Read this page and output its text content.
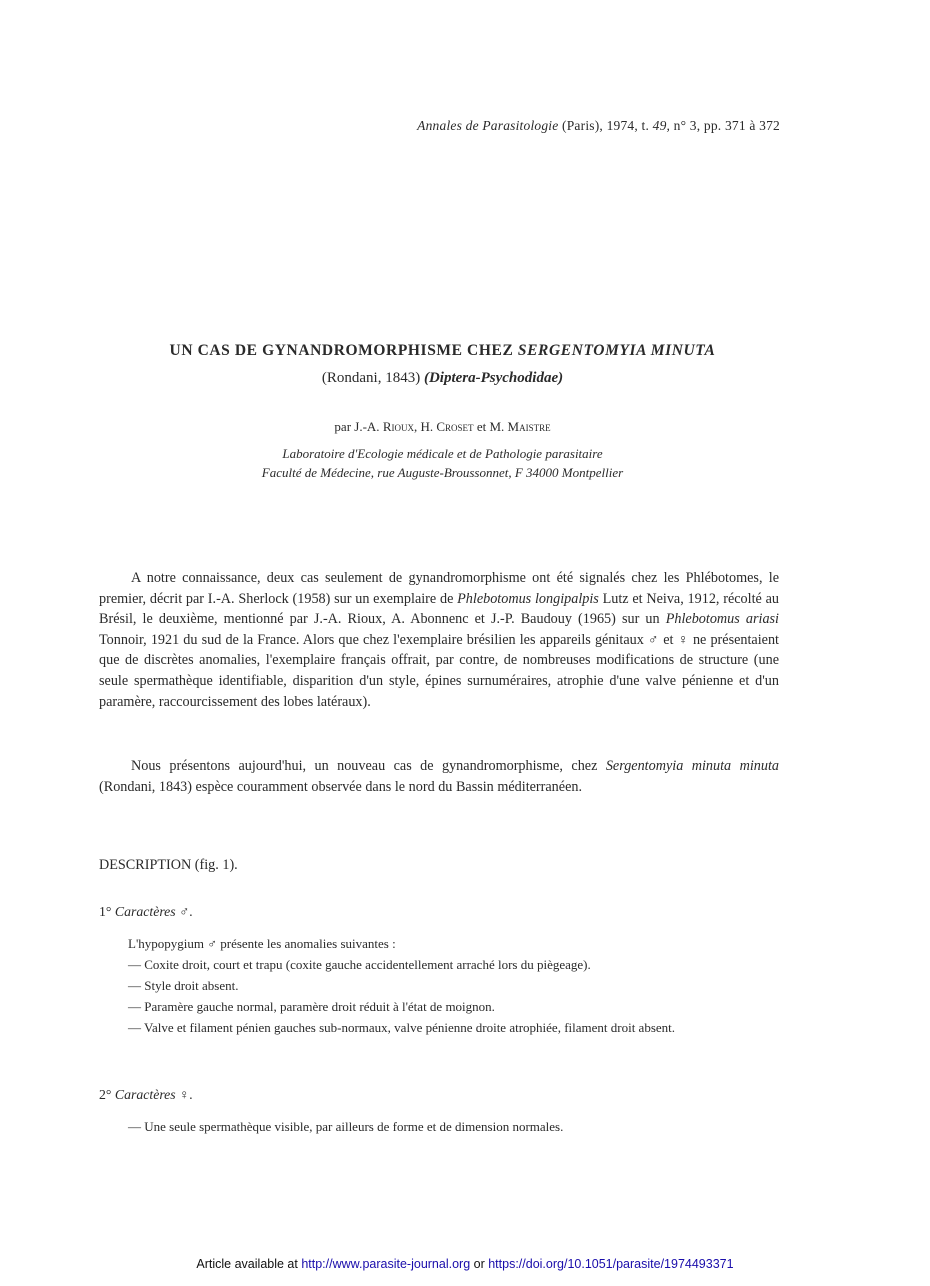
Annales de Parasitologie (Paris), 1974, t. 49, n° 3, pp. 371 à 372
UN CAS DE GYNANDROMORPHISME CHEZ SERGENTOMYIA MINUTA
(Rondani, 1843) (Diptera-Psychodidae)
par J.-A. Rioux, H. Croset et M. Maistre
Laboratoire d'Ecologie médicale et de Pathologie parasitaire
Faculté de Médecine, rue Auguste-Broussonnet, F 34000 Montpellier

A notre connaissance, deux cas seulement de gynandromorphisme ont été signalés chez les Phlébotomes, le premier, décrit par I.-A. Sherlock (1958) sur un exemplaire de Phlebotomus longipalpis Lutz et Neiva, 1912, récolté au Brésil, le deuxième, mentionné par J.-A. Rioux, A. Abonnenc et J.-P. Baudouy (1965) sur un Phlebotomus ariasi Tonnoir, 1921 du sud de la France. Alors que chez l'exemplaire brésilien les appareils génitaux ♂ et ♀ ne présentaient que de discrètes anomalies, l'exemplaire français offrait, par contre, de nombreuses modifications de structure (une seule spermathèque identifiable, disparition d'un style, épines surnuméraires, atrophie d'une valve pénienne et d'un paramère, raccourcissement des lobes latéraux).

Nous présentons aujourd'hui, un nouveau cas de gynandromorphisme, chez Sergentomyia minuta minuta (Rondani, 1843) espèce couramment observée dans le nord du Bassin méditerranéen.

DESCRIPTION (fig. 1).
1° Caractères ♂.
L'hypopygium ♂ présente les anomalies suivantes :
— Coxite droit, court et trapu (coxite gauche accidentellement arraché lors du piègeage).
— Style droit absent.
— Paramère gauche normal, paramère droit réduit à l'état de moignon.
— Valve et filament pénien gauches sub-normaux, valve pénienne droite atrophiée, filament droit absent.
2° Caractères ♀.
— Une seule spermathèque visible, par ailleurs de forme et de dimension normales.
Article available at http://www.parasite-journal.org or https://doi.org/10.1051/parasite/1974493371
